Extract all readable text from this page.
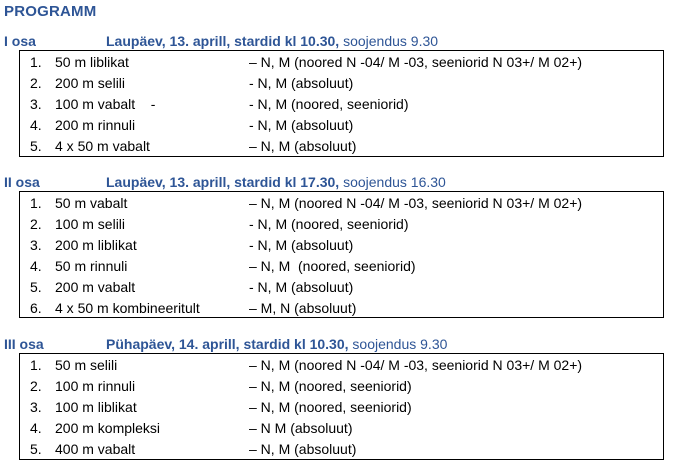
PROGRAMM
I osa	Laupäev, 13. aprill, stardid kl 10.30, soojendus 9.30
1. 50 m liblikat	– N, M (noored N -04/ M -03, seeniorid N 03+/ M 02+)
2. 200 m selili	- N, M (absoluut)
3. 100 m vabalt    -	- N, M (noored, seeniorid)
4. 200 m rinnuli	- N, M (absoluut)
5. 4 x 50 m vabalt	– N, M (absoluut)
II osa	Laupäev, 13. aprill, stardid kl 17.30, soojendus 16.30
1. 50 m vabalt	– N, M (noored N -04/ M -03, seeniorid N 03+/ M 02+)
2. 100 m selili	- N, M (noored, seeniorid)
3. 200 m liblikat	- N, M (absoluut)
4. 50 m rinnuli	– N, M  (noored, seeniorid)
5. 200 m vabalt	- N, M (absoluut)
6. 4 x 50 m kombineeritult	– M, N (absoluut)
III osa	Pühapäev, 14. aprill, stardid kl 10.30, soojendus 9.30
1. 50 m selili	– N, M (noored N -04/ M -03, seeniorid N 03+/ M 02+)
2. 100 m rinnuli	– N, M (noored, seeniorid)
3. 100 m liblikat	– N, M (noored, seeniorid)
4. 200 m kompleksi	– N M (absoluut)
5. 400 m vabalt	– N, M (absoluut)
